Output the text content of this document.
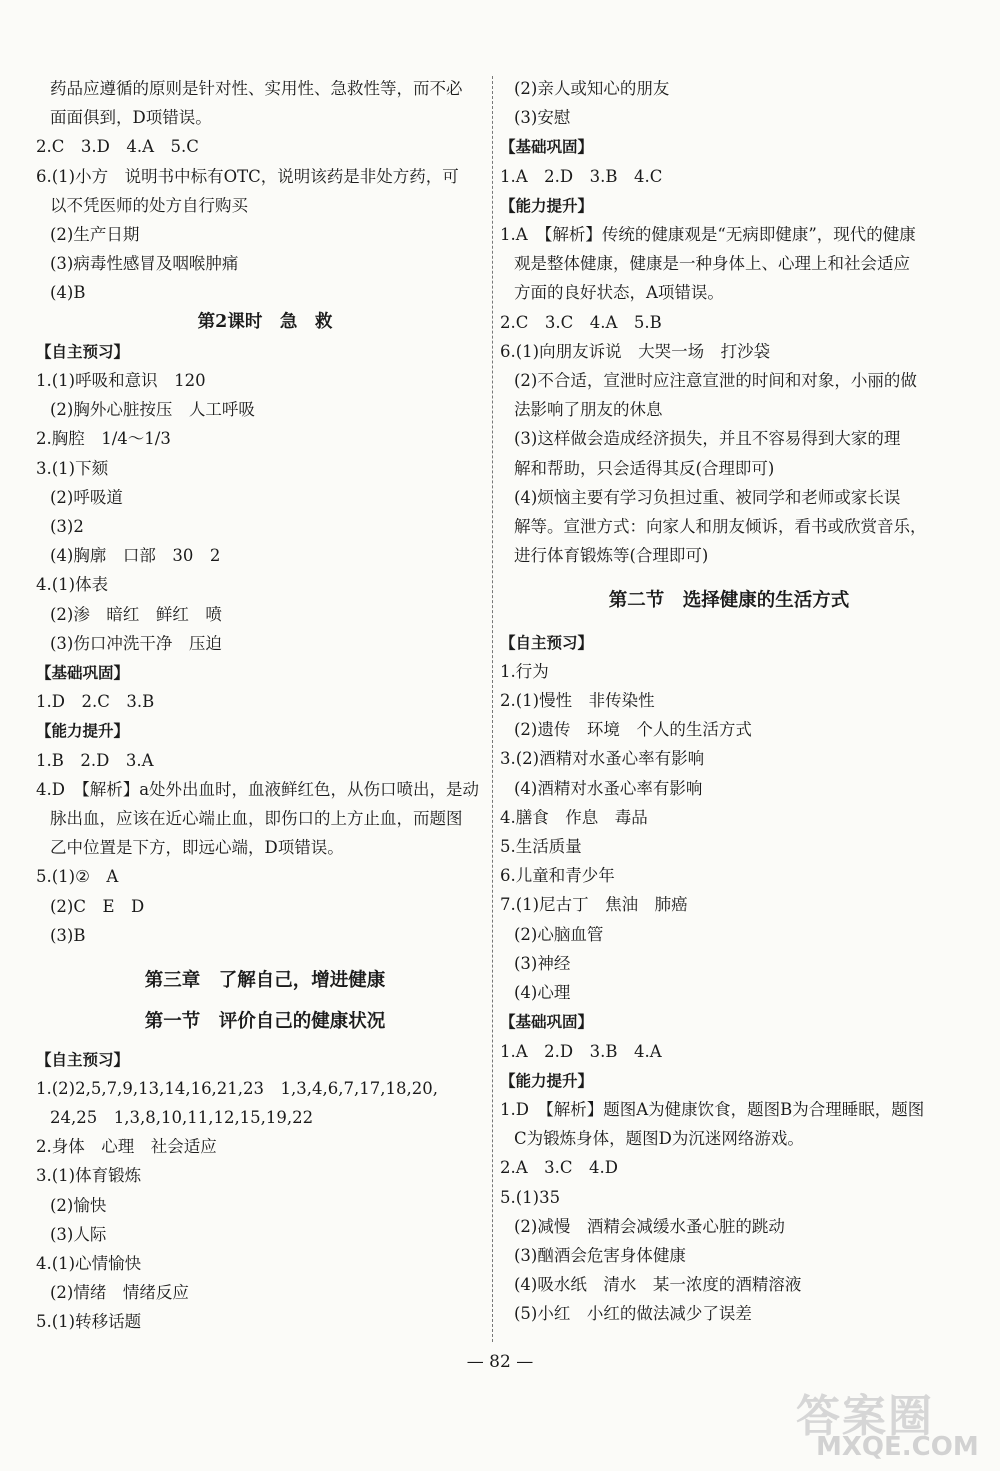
药品应遵循的原则是针对性、实用性、急救性等，而不必
面面俱到，D项错误。
2.C　3.D　4.A　5.C
6.(1)小方　说明书中标有OTC，说明该药是非处方药，可
以不凭医师的处方自行购买
(2)生产日期
(3)病毒性感冒及咽喉肿痛
(4)B
第2课时　急　救
【自主预习】
1.(1)呼吸和意识　120
(2)胸外心脏按压　人工呼吸
2.胸腔　1/4～1/3
3.(1)下颏
(2)呼吸道
(3)2
(4)胸廓　口部　30　2
4.(1)体表
(2)渗　暗红　鲜红　喷
(3)伤口冲洗干净　压迫
【基础巩固】
1.D　2.C　3.B
【能力提升】
1.B　2.D　3.A
4.D　【解析】a处外出血时，血液鲜红色，从伤口喷出，是动
脉出血，应该在近心端止血，即伤口的上方止血，而题图
乙中位置是下方，即远心端，D项错误。
5.(1)②　A
(2)C　E　D
(3)B
第三章　了解自己，增进健康
第一节　评价自己的健康状况
【自主预习】
1.(2)2,5,7,9,13,14,16,21,23　1,3,4,6,7,17,18,20,
24,25　1,3,8,10,11,12,15,19,22
2.身体　心理　社会适应
3.(1)体育锻炼
(2)愉快
(3)人际
4.(1)心情愉快
(2)情绪　情绪反应
5.(1)转移话题
(2)亲人或知心的朋友
(3)安慰
【基础巩固】
1.A　2.D　3.B　4.C
【能力提升】
1.A　【解析】传统的健康观是“无病即健康”，现代的健康
观是整体健康，健康是一种身体上、心理上和社会适应
方面的良好状态，A项错误。
2.C　3.C　4.A　5.B
6.(1)向朋友诉说　大哭一场　打沙袋
(2)不合适，宣泄时应注意宣泄的时间和对象，小丽的做
法影响了朋友的休息
(3)这样做会造成经济损失，并且不容易得到大家的理
解和帮助，只会适得其反(合理即可)
(4)烦恼主要有学习负担过重、被同学和老师或家长误
解等。宣泄方式：向家人和朋友倾诉，看书或欣赏音乐，
进行体育锻炼等(合理即可)
第二节　选择健康的生活方式
【自主预习】
1.行为
2.(1)慢性　非传染性
(2)遗传　环境　个人的生活方式
3.(2)酒精对水蚤心率有影响
(4)酒精对水蚤心率有影响
4.膳食　作息　毒品
5.生活质量
6.儿童和青少年
7.(1)尼古丁　焦油　肺癌
(2)心脑血管
(3)神经
(4)心理
【基础巩固】
1.A　2.D　3.B　4.A
【能力提升】
1.D　【解析】题图A为健康饮食，题图B为合理睡眠，题图
C为锻炼身体，题图D为沉迷网络游戏。
2.A　3.C　4.D
5.(1)35
(2)减慢　酒精会减缓水蚤心脏的跳动
(3)酗酒会危害身体健康
(4)吸水纸　清水　某一浓度的酒精溶液
(5)小红　小红的做法减少了误差
— 82 —
答案圈
MXQE.COM
